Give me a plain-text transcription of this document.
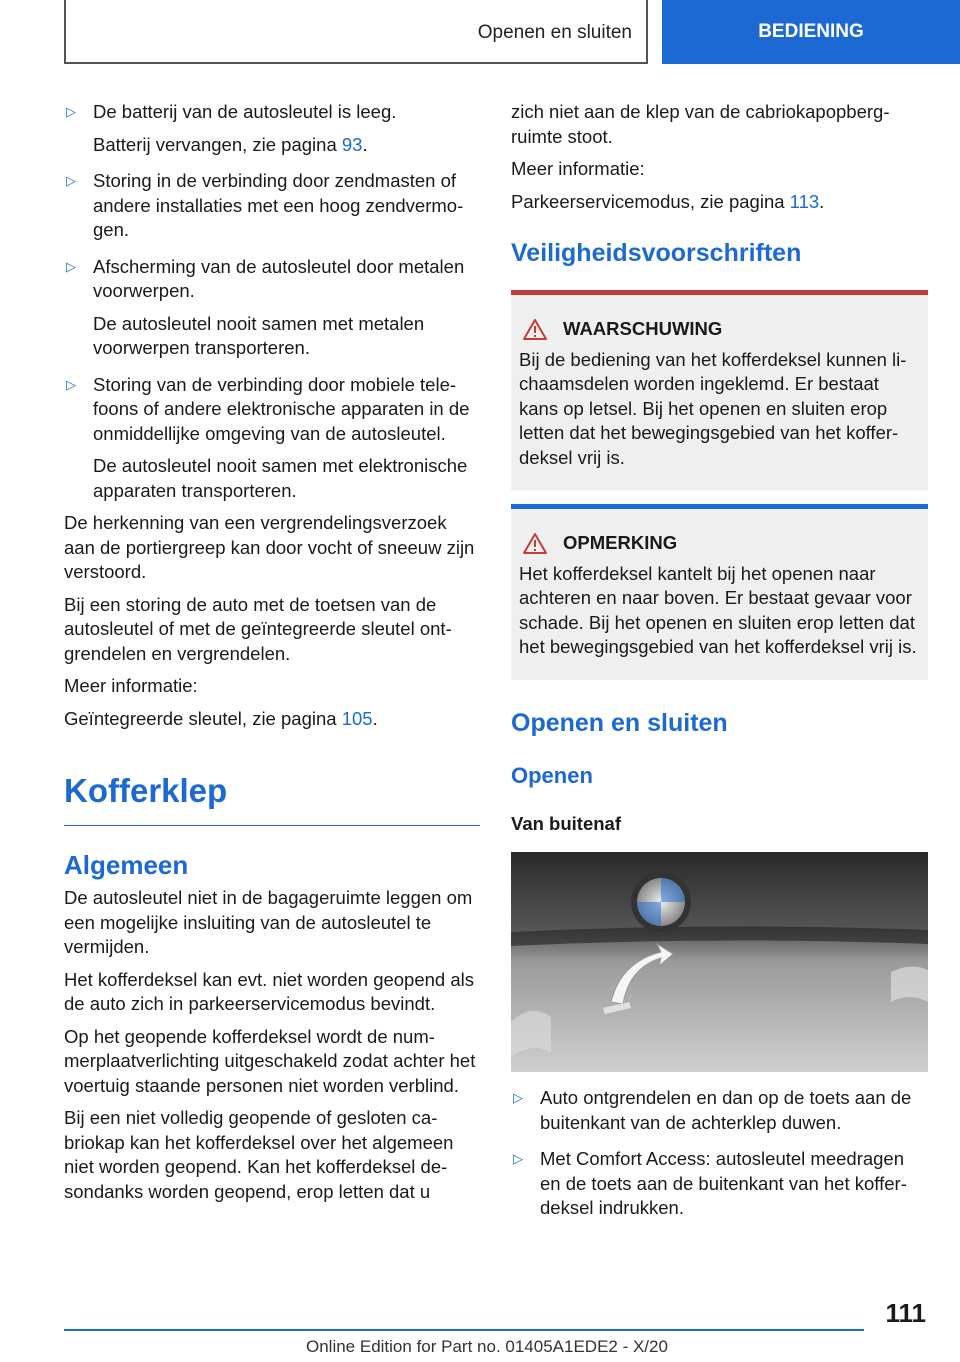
Openen en sluiten	BEDIENING
▷ De batterij van de autosleutel is leeg.
Batterij vervangen, zie pagina 93.
▷ Storing in de verbinding door zendmasten of andere installaties met een hoog zendvermogen.
▷ Afscherming van de autosleutel door metalen voorwerpen.
De autosleutel nooit samen met metalen voorwerpen transporteren.
▷ Storing van de verbinding door mobiele telefoons of andere elektronische apparaten in de onmiddellijke omgeving van de autosleutel.
De autosleutel nooit samen met elektronische apparaten transporteren.

De herkenning van een vergrendelingsverzoek aan de portiergreep kan door vocht of sneeuw zijn verstoord.

Bij een storing de auto met de toetsen van de autosleutel of met de geïntegreerde sleutel ontgrendelen en vergrendelen.

Meer informatie:

Geïntegreerde sleutel, zie pagina 105.

Kofferklep
Algemeen

De autosleutel niet in de bagageruimte leggen om een mogelijke insluiting van de autosleutel te vermijden.

Het kofferdeksel kan evt. niet worden geopend als de auto zich in parkeerservicemodus bevindt.

Op het geopende kofferdeksel wordt de nummerplaatverlichting uitgeschakeld zodat achter het voertuig staande personen niet worden verblind.

Bij een niet volledig geopende of gesloten cabriokap kan het kofferdeksel over het algemeen niet worden geopend. Kan het kofferdeksel desondanks worden geopend, erop letten dat u

zich niet aan de klep van de cabriokapopbergruimte stoot.

Meer informatie:

Parkeerservicemodus, zie pagina 113.

Veiligheidsvoorschriften
WAARSCHUWING
Bij de bediening van het kofferdeksel kunnen lichaamsdelen worden ingeklemd. Er bestaat kans op letsel. Bij het openen en sluiten erop letten dat het bewegingsgebied van het kofferdeksel vrij is.
OPMERKING
Het kofferdeksel kantelt bij het openen naar achteren en naar boven. Er bestaat gevaar voor schade. Bij het openen en sluiten erop letten dat het bewegingsgebied van het kofferdeksel vrij is.
Openen en sluiten
Openen
Van buitenaf
▷ Auto ontgrendelen en dan op de toets aan de buitenkant van de achterklep duwen.
▷ Met Comfort Access: autosleutel meedragen en de toets aan de buitenkant van het kofferdeksel indrukken.
111
Online Edition for Part no. 01405A1EDE2 - X/20
